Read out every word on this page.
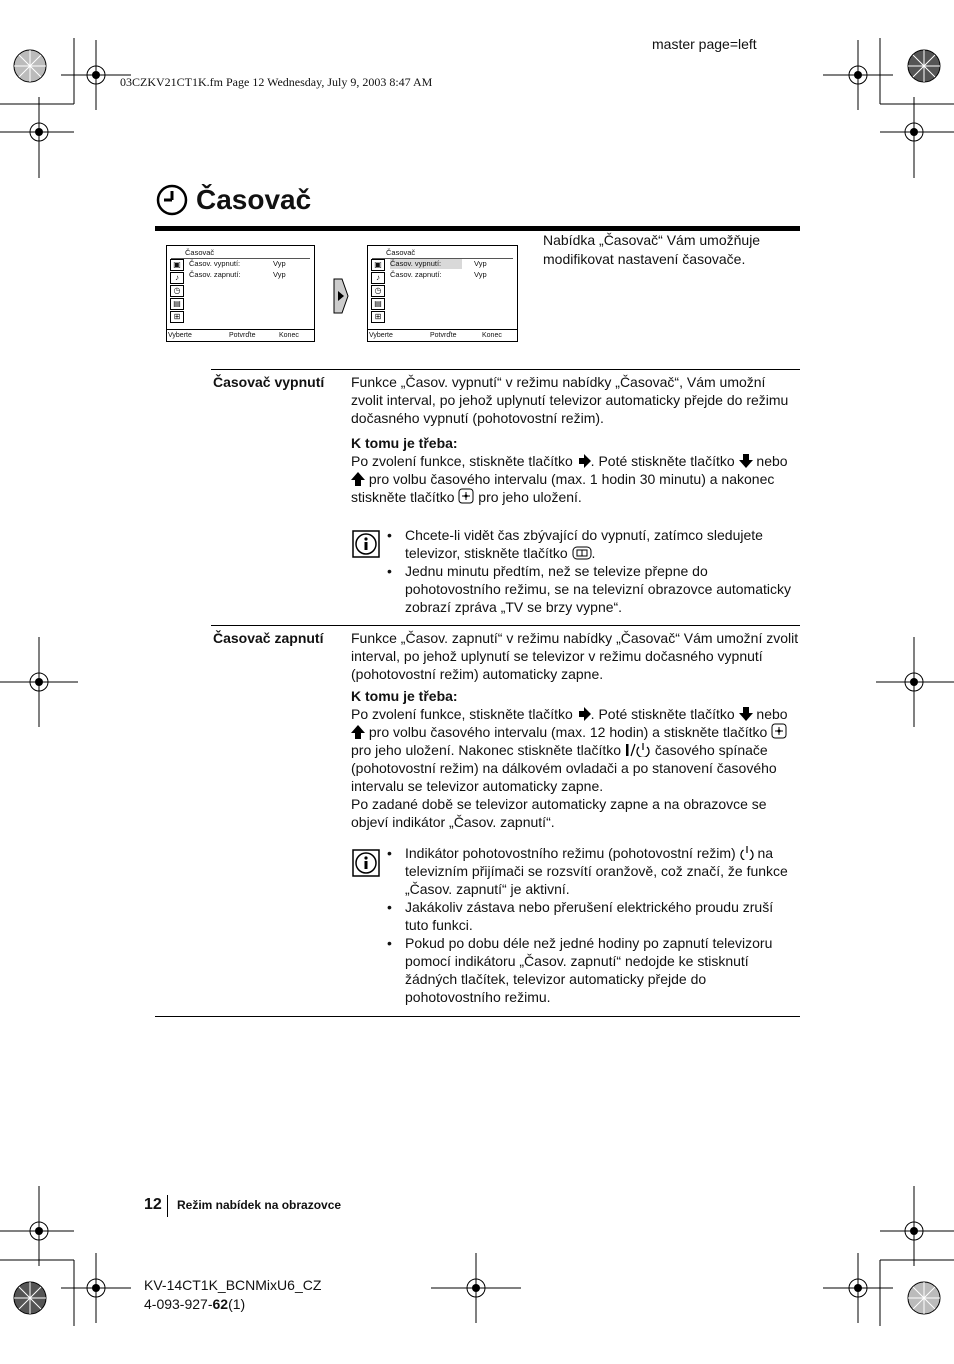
master page=left
03CZKV21CT1K.fm Page 12 Wednesday, July 9, 2003 8:47 AM
Časovač
Časovač
▣
♪
◷
▤
⊞
Časov. vypnutí:	Vyp
Časov. zapnutí:	Vyp
Vyberte	Potvrďte	Konec
Časovač
▣
♪
◷
▤
⊞
Časov. vypnutí:	Vyp
Časov. zapnutí:	Vyp
Vyberte	Potvrďte	Konec
Nabídka „Časovač“ Vám umožňuje modifikovat nastavení časovače.
Časovač vypnutí Funkce „Časov. vypnutí“ v režimu nabídky „Časovač“, Vám umožní zvolit interval, po jehož uplynutí televizor automaticky přejde do režimu dočasného vypnutí (pohotovostní režim).
K tomu je třeba:
Po zvolení funkce, stiskněte tlačítko . Poté stiskněte tlačítko nebo  pro volbu časového intervalu (max. 1 hodin 30 minutu) a nakonec stiskněte tlačítko pro jeho uložení.
• Chcete-li vidět čas zbývající do vypnutí, zatímco sledujete televizor, stiskněte tlačítko .
• Jednu minutu předtím, než se televize přepne do pohotovostního režimu, se na televizní obrazovce automaticky zobrazí zpráva „TV se brzy vypne“.
Časovač zapnutí Funkce „Časov. zapnutí“ v režimu nabídky „Časovač“ Vám umožní zvolit interval, po jehož uplynutí se televizor v režimu dočasného vypnutí (pohotovostní režim) automaticky zapne.
K tomu je třeba:
Po zvolení funkce, stiskněte tlačítko . Poté stiskněte tlačítko nebo  pro volbu časového intervalu (max. 12 hodin) a stiskněte tlačítko  pro jeho uložení. Nakonec stiskněte tlačítko časového spínače (pohotovostní režim) na dálkovém ovladači a po stanovení časového intervalu se televizor automaticky zapne.
Po zadané době se televizor automaticky zapne a na obrazovce se objeví indikátor „Časov. zapnutí“.
• Indikátor pohotovostního režimu (pohotovostní režim) na televizním přijímači se rozsvítí oranžově, což značí, že funkce „Časov. zapnutí“ je aktivní.
• Jakákoliv zástava nebo přerušení elektrického proudu zruší tuto funkci.
• Pokud po dobu déle než jedné hodiny po zapnutí televizoru pomocí indikátoru „Časov. zapnutí“ nedojde ke stisknutí žádných tlačítek, televizor automaticky přejde do pohotovostního režimu.
12 Režim nabídek na obrazovce
KV-14CT1K_BCNMixU6_CZ
4-093-927-62(1)
